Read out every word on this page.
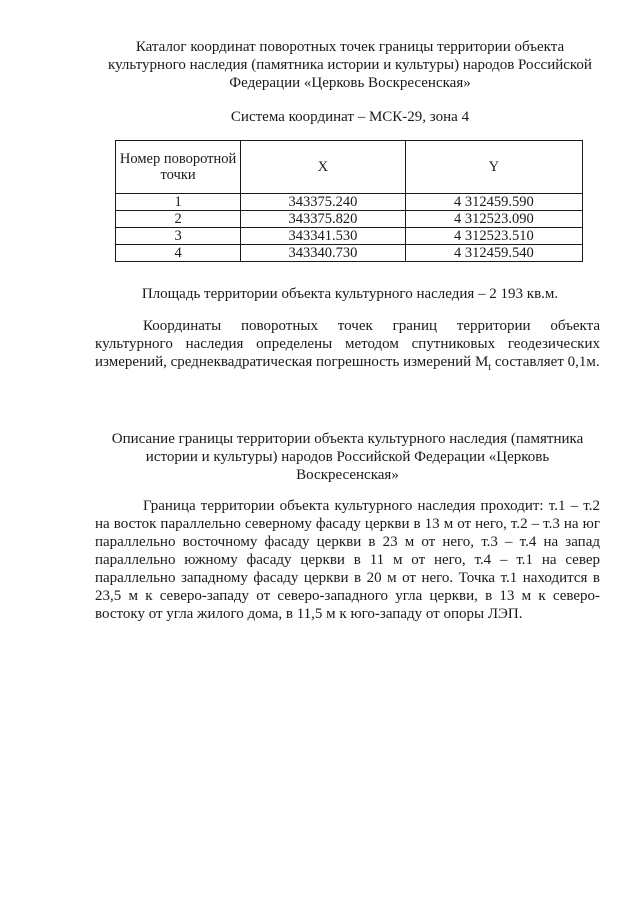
Каталог координат поворотных точек границы территории объекта
культурного наследия (памятника истории и культуры) народов Российской
Федерации «Церковь Воскресенская»
Система координат – МСК-29, зона 4
Номер поворотной точки	X	Y
1	343375.240	4 312459.590
2	343375.820	4 312523.090
3	343341.530	4 312523.510
4	343340.730	4 312459.540
Площадь территории объекта культурного наследия – 2 193 кв.м.
Координаты поворотных точек границ территории объекта культурного наследия определены методом спутниковых геодезических измерений, среднеквадратическая погрешность измерений $M_t$ составляет 0,1м.
Описание границы территории объекта культурного наследия (памятника
истории и культуры) народов Российской Федерации «Церковь
Воскресенская»
Граница территории объекта культурного наследия проходит: т.1 – т.2 на восток параллельно северному фасаду церкви в 13 м от него, т.2 – т.3 на юг параллельно восточному фасаду церкви в 23 м от него, т.3 – т.4 на запад параллельно южному фасаду церкви в 11 м от него, т.4 – т.1 на север параллельно западному фасаду церкви в 20 м от него. Точка т.1 находится в 23,5 м к северо-западу от северо-западного угла церкви, в 13 м к северо-востоку от угла жилого дома, в 11,5 м к юго-западу от опоры ЛЭП.
